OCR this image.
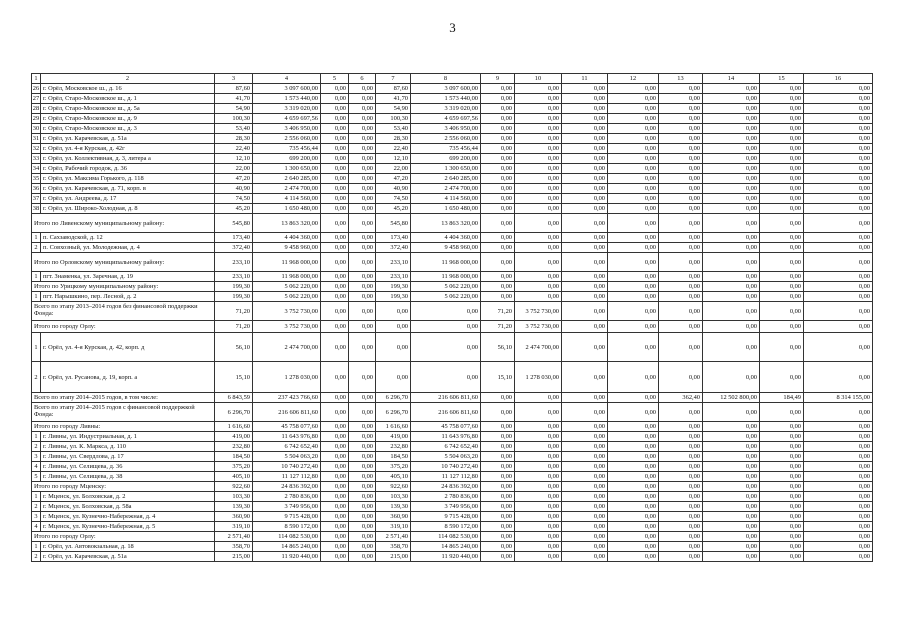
3
1	2	3	4	5	6	7	8	9	10	11	12	13	14	15	16
26	г. Орёл, Московское ш., д. 16	87,60	3 097 600,00	0,00	0,00	87,60	3 097 600,00	0,00	0,00	0,00	0,00	0,00	0,00	0,00	0,00
27	г. Орёл, Старо-Московское ш., д. 1	41,70	1 573 440,00	0,00	0,00	41,70	1 573 440,00	0,00	0,00	0,00	0,00	0,00	0,00	0,00	0,00
28	г. Орёл, Старо-Московское ш., д. 5а	54,90	3 319 020,00	0,00	0,00	54,90	3 319 020,00	0,00	0,00	0,00	0,00	0,00	0,00	0,00	0,00
29	г. Орёл, Старо-Московское ш., д. 9	100,30	4 659 697,56	0,00	0,00	100,30	4 659 697,56	0,00	0,00	0,00	0,00	0,00	0,00	0,00	0,00
30	г. Орёл, Старо-Московское ш., д. 3	53,40	3 406 950,00	0,00	0,00	53,40	3 406 950,00	0,00	0,00	0,00	0,00	0,00	0,00	0,00	0,00
31	г. Орёл, ул. Карачевская, д. 51а	28,30	2 556 060,00	0,00	0,00	28,30	2 556 060,00	0,00	0,00	0,00	0,00	0,00	0,00	0,00	0,00
32	г. Орёл, ул. 4-я Курская, д. 42г	22,40	735 456,44	0,00	0,00	22,40	735 456,44	0,00	0,00	0,00	0,00	0,00	0,00	0,00	0,00
33	г. Орёл, ул. Коллективная, д. 3, литера а	12,10	699 200,00	0,00	0,00	12,10	699 200,00	0,00	0,00	0,00	0,00	0,00	0,00	0,00	0,00
34	г. Орёл, Рабочий городок, д. 36	22,00	1 300 650,00	0,00	0,00	22,00	1 300 650,00	0,00	0,00	0,00	0,00	0,00	0,00	0,00	0,00
35	г. Орёл, ул. Максима Горького, д. 118	47,20	2 640 285,00	0,00	0,00	47,20	2 640 285,00	0,00	0,00	0,00	0,00	0,00	0,00	0,00	0,00
36	г. Орёл, ул. Карачевская, д. 71, корп. в	40,90	2 474 700,00	0,00	0,00	40,90	2 474 700,00	0,00	0,00	0,00	0,00	0,00	0,00	0,00	0,00
37	г. Орёл, ул. Андреева, д. 17	74,50	4 114 560,00	0,00	0,00	74,50	4 114 560,00	0,00	0,00	0,00	0,00	0,00	0,00	0,00	0,00
38	г. Орёл, ул. Широко-Холодная, д. 8	45,20	1 650 480,00	0,00	0,00	45,20	1 650 480,00	0,00	0,00	0,00	0,00	0,00	0,00	0,00	0,00
Итого по Ливенскому муниципальному району:		545,80	13 863 320,00	0,00	0,00	545,80	13 863 320,00	0,00	0,00	0,00	0,00	0,00	0,00	0,00	0,00
1	п. Сахзаводской, д. 12	173,40	4 404 360,00	0,00	0,00	173,40	4 404 360,00	0,00	0,00	0,00	0,00	0,00	0,00	0,00	0,00
2	п. Совхозный, ул. Молодежная, д. 4	372,40	9 458 960,00	0,00	0,00	372,40	9 458 960,00	0,00	0,00	0,00	0,00	0,00	0,00	0,00	0,00
Итого по Орловскому муниципальному району:		233,10	11 968 000,00	0,00	0,00	233,10	11 968 000,00	0,00	0,00	0,00	0,00	0,00	0,00	0,00	0,00
1	пгт. Знаменка, ул. Заречная, д. 19	233,10	11 968 000,00	0,00	0,00	233,10	11 968 000,00	0,00	0,00	0,00	0,00	0,00	0,00	0,00	0,00
Итого по Урицкому муниципальному району:		199,30	5 062 220,00	0,00	0,00	199,30	5 062 220,00	0,00	0,00	0,00	0,00	0,00	0,00	0,00	0,00
1	пгт. Нарышкино, пер. Лесной, д. 2	199,30	5 062 220,00	0,00	0,00	199,30	5 062 220,00	0,00	0,00	0,00	0,00	0,00	0,00	0,00	0,00
Всего по этапу 2013–2014 годов без финансовой поддержки Фонда:		71,20	3 752 730,00	0,00	0,00	0,00	0,00	71,20	3 752 730,00	0,00	0,00	0,00	0,00	0,00	0,00
Итого по городу Орлу:		71,20	3 752 730,00	0,00	0,00	0,00	0,00	71,20	3 752 730,00	0,00	0,00	0,00	0,00	0,00	0,00
1	г. Орёл, ул. 4-я Курская, д. 42, корп. д	56,10	2 474 700,00	0,00	0,00	0,00	0,00	56,10	2 474 700,00	0,00	0,00	0,00	0,00	0,00	0,00
2	г. Орёл, ул. Русанова, д. 19, корп. а	15,10	1 278 030,00	0,00	0,00	0,00	0,00	15,10	1 278 030,00	0,00	0,00	0,00	0,00	0,00	0,00
Всего по этапу 2014–2015 годов, в том числе:		6 843,59	237 423 766,60	0,00	0,00	6 296,70	216 606 811,60	0,00	0,00	0,00	0,00	362,40	12 502 800,00	184,49	8 314 155,00
Всего по этапу 2014–2015 годов с финансовой поддержкой Фонда:		6 296,70	216 606 811,60	0,00	0,00	6 296,70	216 606 811,60	0,00	0,00	0,00	0,00	0,00	0,00	0,00	0,00
Итого по городу Ливны:		1 616,60	45 758 077,60	0,00	0,00	1 616,60	45 758 077,60	0,00	0,00	0,00	0,00	0,00	0,00	0,00	0,00
1	г. Ливны, ул. Индустриальная, д. 1	419,00	11 643 976,80	0,00	0,00	419,00	11 643 976,80	0,00	0,00	0,00	0,00	0,00	0,00	0,00	0,00
2	г. Ливны, ул. К. Маркса, д. 110	232,80	6 742 652,40	0,00	0,00	232,80	6 742 652,40	0,00	0,00	0,00	0,00	0,00	0,00	0,00	0,00
3	г. Ливны, ул. Свердлова, д. 17	184,50	5 504 063,20	0,00	0,00	184,50	5 504 063,20	0,00	0,00	0,00	0,00	0,00	0,00	0,00	0,00
4	г. Ливны, ул. Селищева, д. 36	375,20	10 740 272,40	0,00	0,00	375,20	10 740 272,40	0,00	0,00	0,00	0,00	0,00	0,00	0,00	0,00
5	г. Ливны, ул. Селищева, д. 38	405,10	11 127 112,80	0,00	0,00	405,10	11 127 112,80	0,00	0,00	0,00	0,00	0,00	0,00	0,00	0,00
Итого по городу Мценску:		922,60	24 836 392,00	0,00	0,00	922,60	24 836 392,00	0,00	0,00	0,00	0,00	0,00	0,00	0,00	0,00
1	г. Мценск, ул. Болховская, д. 2	103,30	2 780 836,00	0,00	0,00	103,30	2 780 836,00	0,00	0,00	0,00	0,00	0,00	0,00	0,00	0,00
2	г. Мценск, ул. Болховская, д. 58а	139,30	3 749 956,00	0,00	0,00	139,30	3 749 956,00	0,00	0,00	0,00	0,00	0,00	0,00	0,00	0,00
3	г. Мценск, ул. Кузнечно-Набережная, д. 4	360,90	9 715 428,00	0,00	0,00	360,90	9 715 428,00	0,00	0,00	0,00	0,00	0,00	0,00	0,00	0,00
4	г. Мценск, ул. Кузнечно-Набережная, д. 5	319,10	8 590 172,00	0,00	0,00	319,10	8 590 172,00	0,00	0,00	0,00	0,00	0,00	0,00	0,00	0,00
Итого по городу Орлу:		2 571,40	114 082 530,00	0,00	0,00	2 571,40	114 082 530,00	0,00	0,00	0,00	0,00	0,00	0,00	0,00	0,00
1	г. Орёл, ул. Автовокзальная, д. 18	358,70	14 865 240,00	0,00	0,00	358,70	14 865 240,00	0,00	0,00	0,00	0,00	0,00	0,00	0,00	0,00
2	г. Орёл, ул. Карачевская, д. 51а	215,00	11 920 440,00	0,00	0,00	215,00	11 920 440,00	0,00	0,00	0,00	0,00	0,00	0,00	0,00	0,00
